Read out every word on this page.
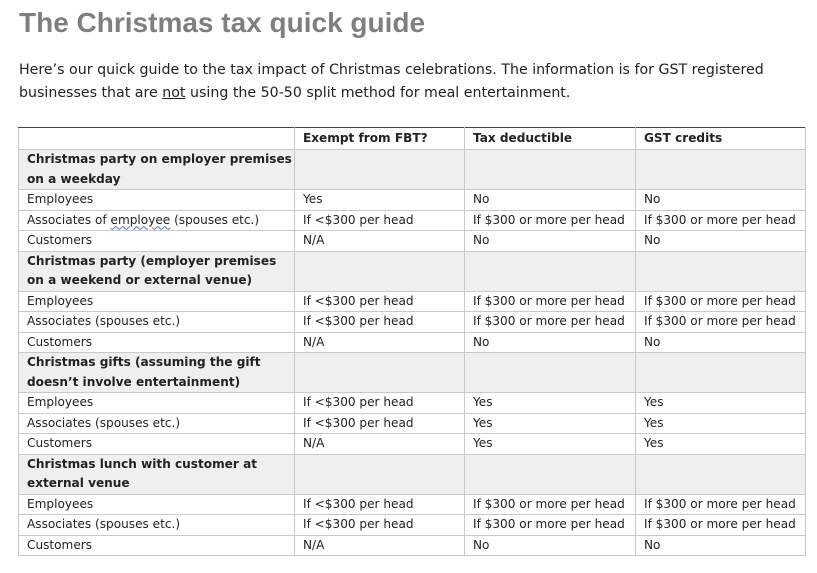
The Christmas tax quick guide

Here’s our quick guide to the tax impact of Christmas celebrations. The information is for GST registered businesses that are not using the 50-50 split method for meal entertainment.

	Exempt from FBT?	Tax deductible	GST credits

Christmas party on employer premises on a weekday			

Employees	Yes	No	No
Associates of employee (spouses etc.)	If <$300 per head	If $300 or more per head	If $300 or more per head
Customers	N/A	No	No

Christmas party (employer premises on a weekend or external venue)			

Employees	If <$300 per head	If $300 or more per head	If $300 or more per head
Associates (spouses etc.)	If <$300 per head	If $300 or more per head	If $300 or more per head
Customers	N/A	No	No

Christmas gifts (assuming the gift doesn’t involve entertainment)			

Employees	If <$300 per head	Yes	Yes
Associates (spouses etc.)	If <$300 per head	Yes	Yes
Customers	N/A	Yes	Yes

Christmas lunch with customer at external venue			

Employees	If <$300 per head	If $300 or more per head	If $300 or more per head
Associates (spouses etc.)	If <$300 per head	If $300 or more per head	If $300 or more per head
Customers	N/A	No	No
